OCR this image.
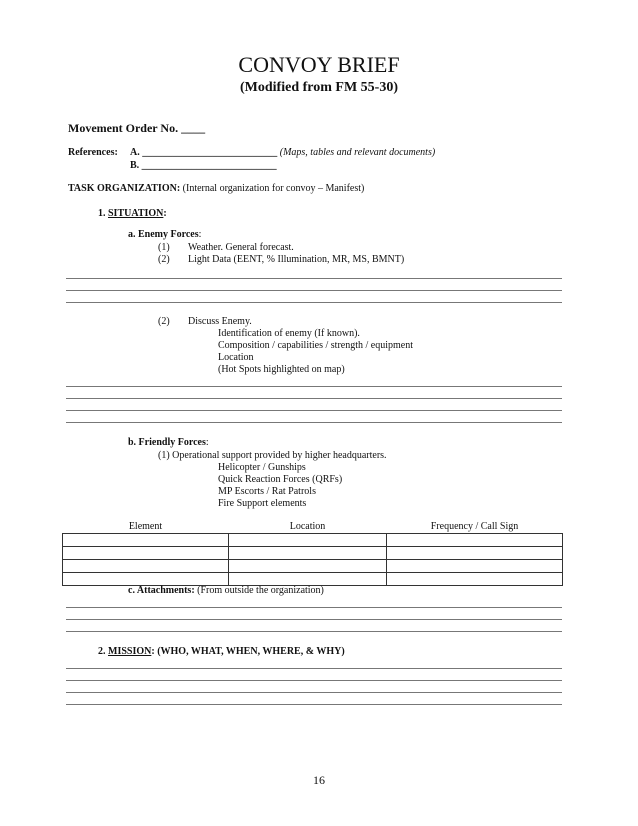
CONVOY BRIEF
(Modified from FM 55-30)
Movement Order No. ____
References: A. ___________________________ (Maps, tables and relevant documents)
B. ___________________________
TASK ORGANIZATION: (Internal organization for convoy – Manifest)
1. SITUATION:
a. Enemy Forces:
(1) Weather. General forecast.
(2) Light Data (EENT, % Illumination, MR, MS, BMNT)
(2) Discuss Enemy.
Identification of enemy (If known).
Composition / capabilities / strength / equipment
Location
(Hot Spots highlighted on map)
b. Friendly Forces:
(1) Operational support provided by higher headquarters.
Helicopter / Gunships
Quick Reaction Forces (QRFs)
MP Escorts / Rat Patrols
Fire Support elements
Element	Location	Frequency / Call Sign

c. Attachments: (From outside the organization)
2. MISSION: (WHO, WHAT, WHEN, WHERE, & WHY)
16
